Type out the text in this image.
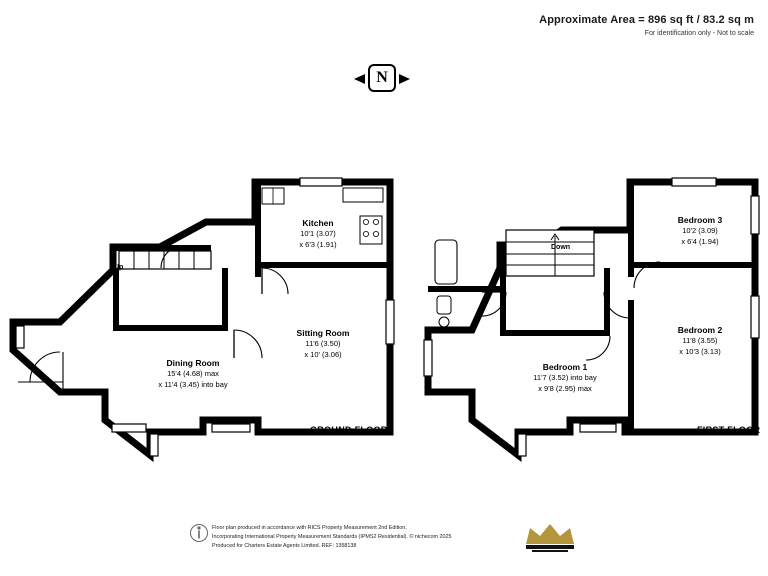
Approximate Area = 896 sq ft / 83.2 sq m
For identification only - Not to scale
N
Kitchen
10'1 (3.07)
x 6'3 (1.91)
Sitting Room
11'6 (3.50)
x 10' (3.06)
Dining Room
15'4 (4.68) max
x 11'4 (3.45) into bay
Up
GROUND FLOOR
Bedroom 3
10'2 (3.09)
x 6'4 (1.94)
Bedroom 2
11'8 (3.55)
x 10'3 (3.13)
Bedroom 1
11'7 (3.52) into bay
x 9'8 (2.95) max
Down
FIRST FLOOR
Floor plan produced in accordance with RICS Property Measurement 2nd Edition,
Incorporating International Property Measurement Standards (IPMS2 Residential). © nichecom 2025
Produced for Charters Estate Agents Limited. REF: 1358138
